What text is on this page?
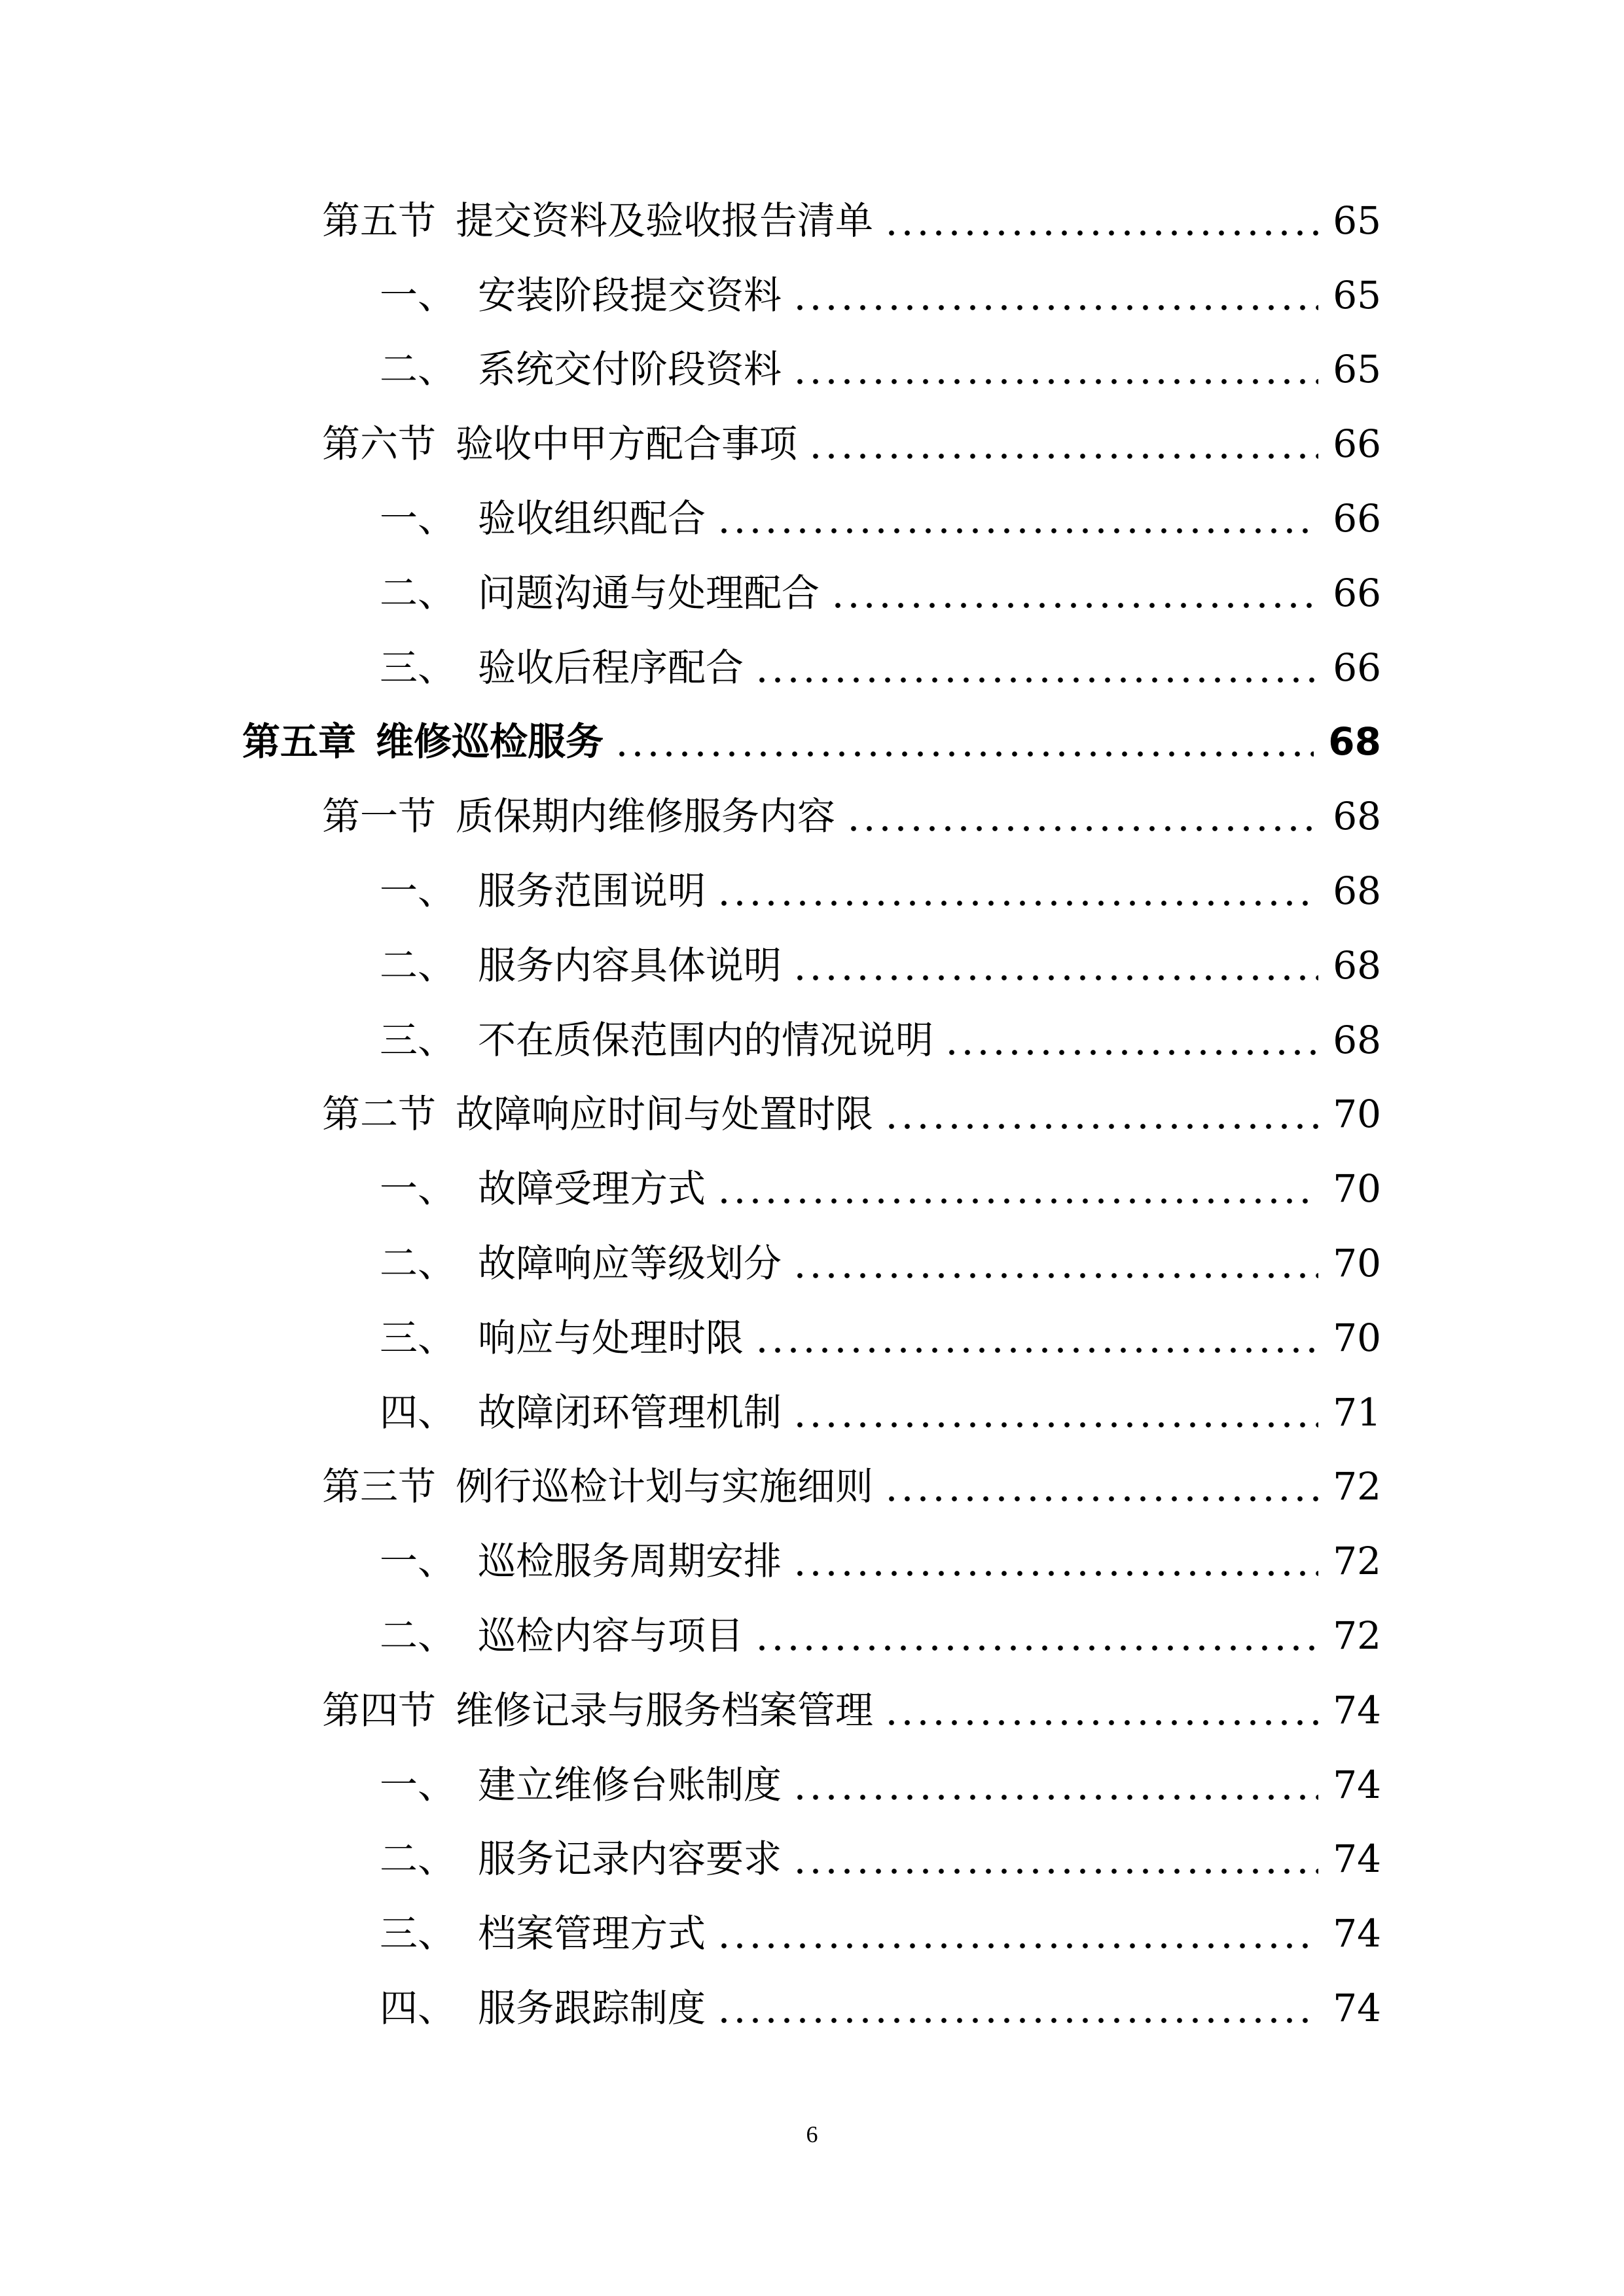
第五节 提交资料及验收报告清单	65
一、 安装阶段提交资料	65
二、 系统交付阶段资料	65
第六节 验收中甲方配合事项	66
一、 验收组织配合	66
二、 问题沟通与处理配合	66
三、 验收后程序配合	66
第五章 维修巡检服务	68
第一节 质保期内维修服务内容	68
一、 服务范围说明	68
二、 服务内容具体说明	68
三、 不在质保范围内的情况说明	68
第二节 故障响应时间与处置时限	70
一、 故障受理方式	70
二、 故障响应等级划分	70
三、 响应与处理时限	70
四、 故障闭环管理机制	71
第三节 例行巡检计划与实施细则	72
一、 巡检服务周期安排	72
二、 巡检内容与项目	72
第四节 维修记录与服务档案管理	74
一、 建立维修台账制度	74
二、 服务记录内容要求	74
三、 档案管理方式	74
四、 服务跟踪制度	74
6
